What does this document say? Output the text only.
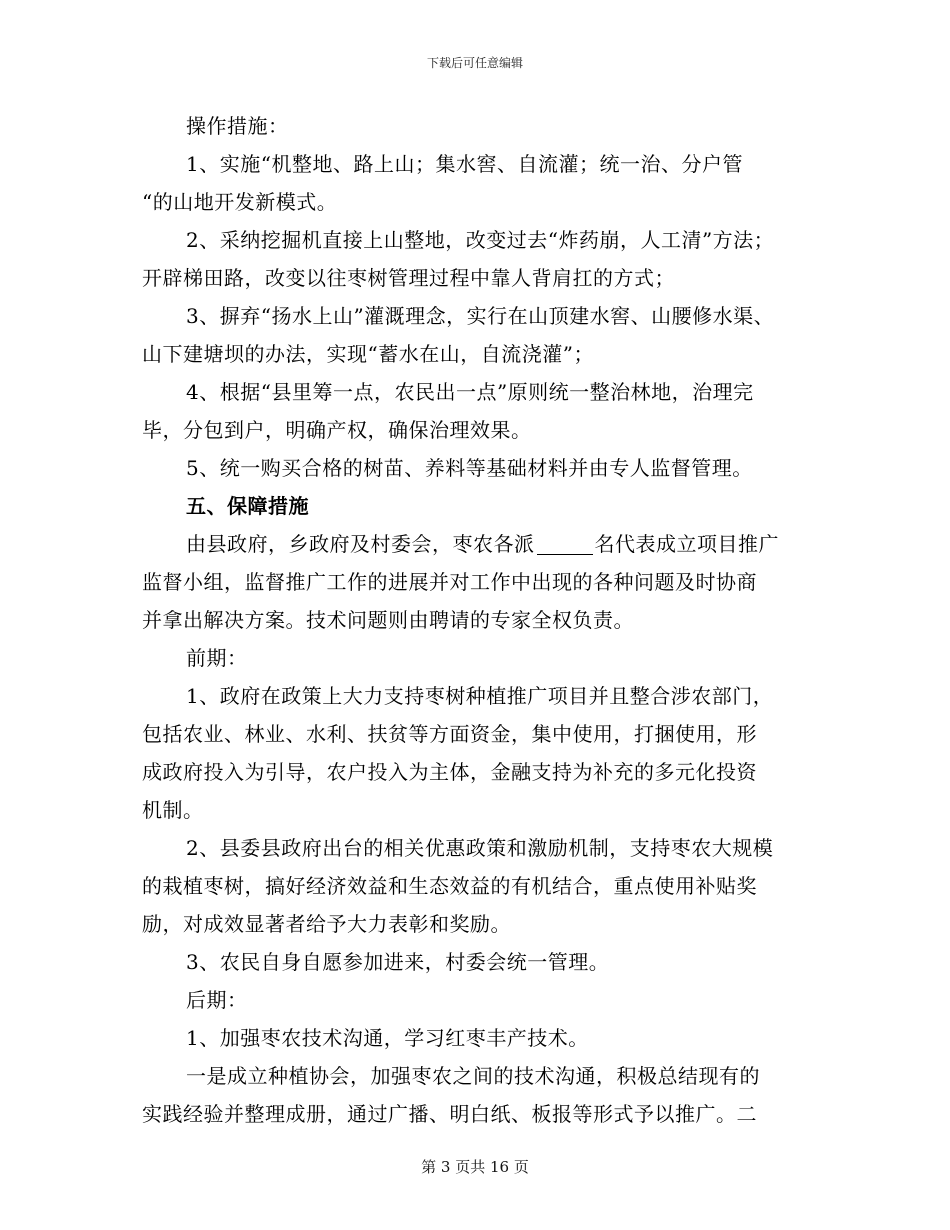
下载后可任意编辑
操作措施：
1、实施“机整地、路上山；集水窖、自流灌；统一治、分户管
“的山地开发新模式。
2、采纳挖掘机直接上山整地，改变过去“炸药崩，人工清”方法；
开辟梯田路，改变以往枣树管理过程中靠人背肩扛的方式；
3、摒弃“扬水上山”灌溉理念，实行在山顶建水窖、山腰修水渠、
山下建塘坝的办法，实现“蓄水在山，自流浇灌”；
4、根据“县里筹一点，农民出一点”原则统一整治林地，治理完
毕，分包到户，明确产权，确保治理效果。
5、统一购买合格的树苗、养料等基础材料并由专人监督管理。
五、保障措施
由县政府，乡政府及村委会，枣农各派	名代表成立项目推广
监督小组，监督推广工作的进展并对工作中出现的各种问题及时协商
并拿出解决方案。技术问题则由聘请的专家全权负责。
前期：
1、政府在政策上大力支持枣树种植推广项目并且整合涉农部门，
包括农业、林业、水利、扶贫等方面资金，集中使用，打捆使用，形
成政府投入为引导，农户投入为主体，金融支持为补充的多元化投资
机制。
2、县委县政府出台的相关优惠政策和激励机制，支持枣农大规模
的栽植枣树，搞好经济效益和生态效益的有机结合，重点使用补贴奖
励，对成效显著者给予大力表彰和奖励。
3、农民自身自愿参加进来，村委会统一管理。
后期：
1、加强枣农技术沟通，学习红枣丰产技术。
一是成立种植协会，加强枣农之间的技术沟通，积极总结现有的
实践经验并整理成册，通过广播、明白纸、板报等形式予以推广。二
第 3 页共 16 页
